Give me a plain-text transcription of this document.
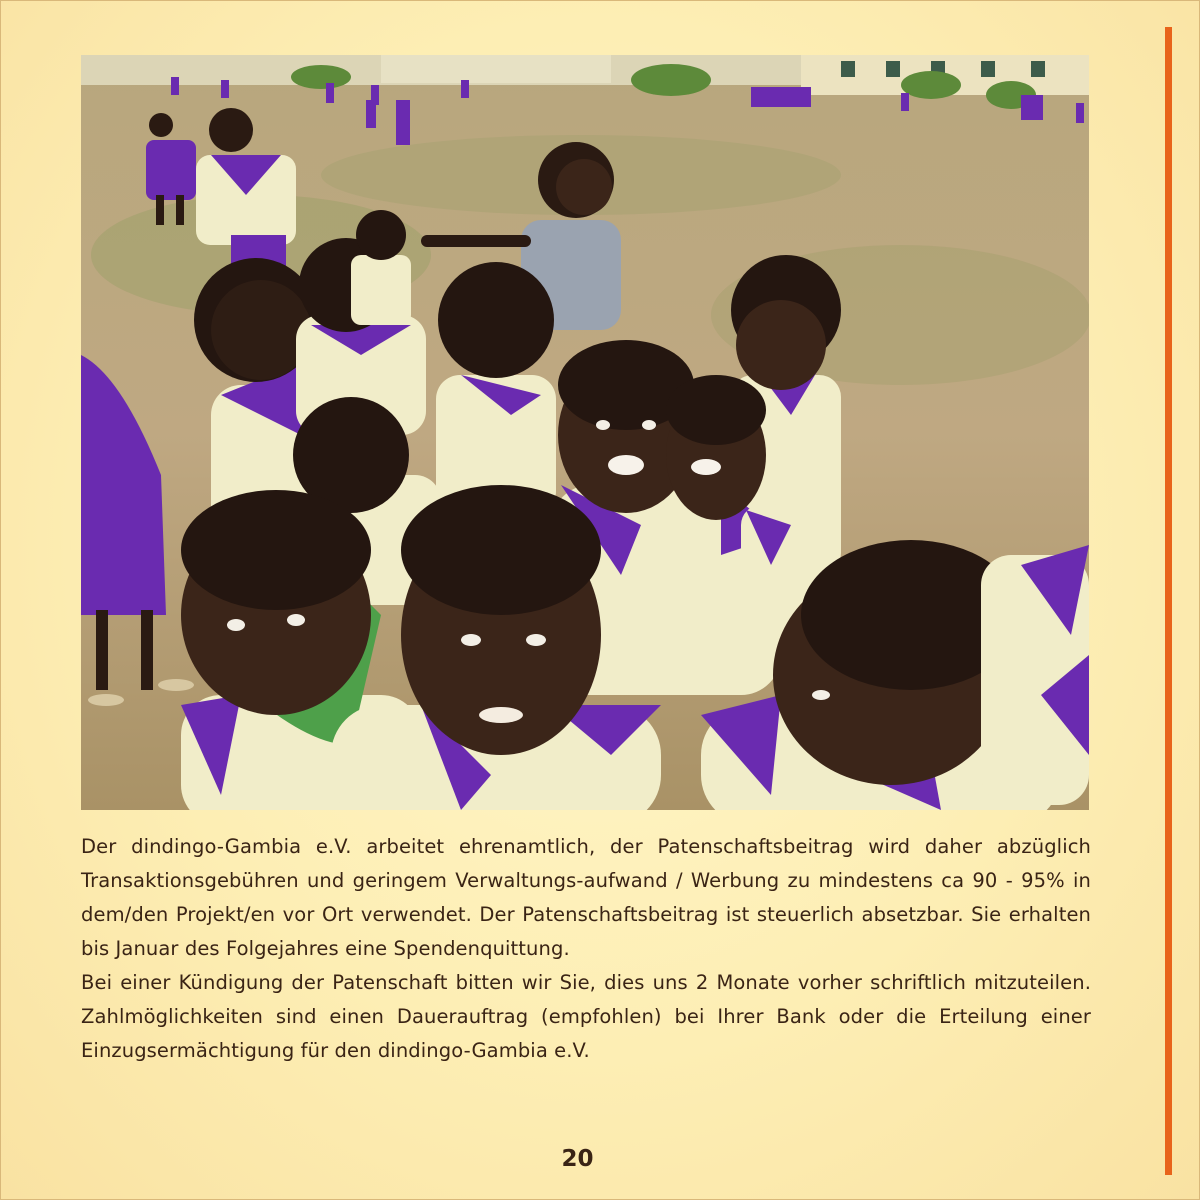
Der dindingo-Gambia e.V. arbeitet ehrenamtlich, der Patenschaftsbeitrag wird daher abzüglich Transaktionsgebühren und geringem Verwaltungs-aufwand / Werbung zu mindestens ca 90 - 95% in dem/den Projekt/en vor Ort verwendet. Der Patenschaftsbeitrag ist steuerlich absetzbar. Sie erhalten bis Januar des Folgejahres eine Spendenquittung.

Bei einer Kündigung der Patenschaft bitten wir Sie, dies uns 2 Monate vorher schriftlich mitzuteilen. Zahlmöglichkeiten sind einen Dauerauftrag (empfohlen) bei Ihrer Bank oder die Erteilung einer Einzugsermächtigung für den dindingo-Gambia e.V.

20
